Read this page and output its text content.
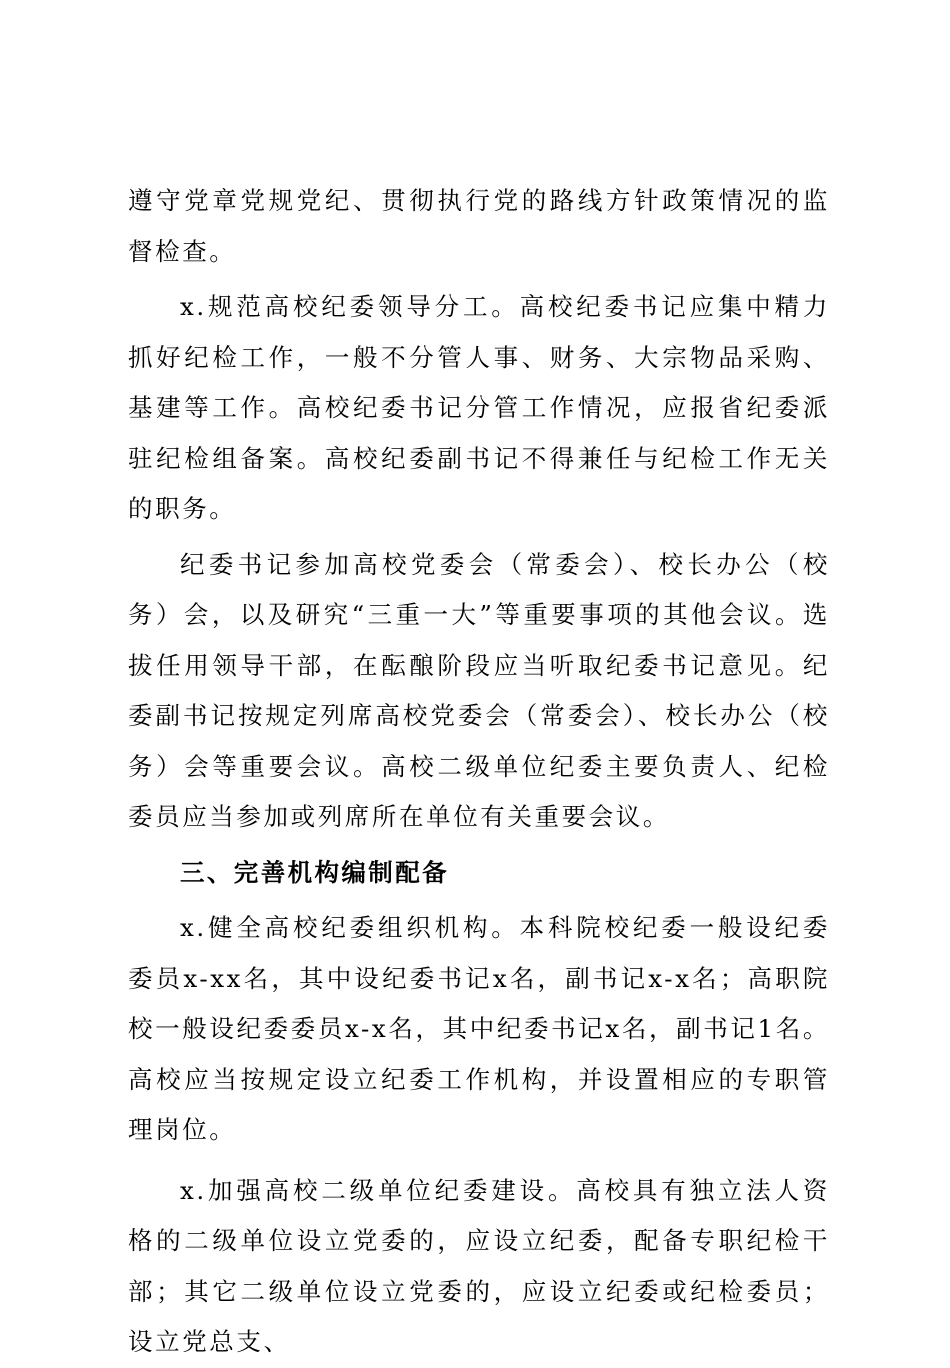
遵守党章党规党纪、贯彻执行党的路线方针政策情况的监督检查。

x.规范高校纪委领导分工。高校纪委书记应集中精力抓好纪检工作，一般不分管人事、财务、大宗物品采购、基建等工作。高校纪委书记分管工作情况，应报省纪委派驻纪检组备案。高校纪委副书记不得兼任与纪检工作无关的职务。

纪委书记参加高校党委会（常委会）、校长办公（校务）会，以及研究“三重一大”等重要事项的其他会议。选拔任用领导干部，在酝酿阶段应当听取纪委书记意见。纪委副书记按规定列席高校党委会（常委会）、校长办公（校务）会等重要会议。高校二级单位纪委主要负责人、纪检委员应当参加或列席所在单位有关重要会议。

三、完善机构编制配备

x.健全高校纪委组织机构。本科院校纪委一般设纪委委员x-xx名，其中设纪委书记x名，副书记x-x名；高职院校一般设纪委委员x-x名，其中纪委书记x名，副书记1名。高校应当按规定设立纪委工作机构，并设置相应的专职管理岗位。

x.加强高校二级单位纪委建设。高校具有独立法人资格的二级单位设立党委的，应设立纪委，配备专职纪检干部；其它二级单位设立党委的，应设立纪委或纪检委员；设立党总支、
